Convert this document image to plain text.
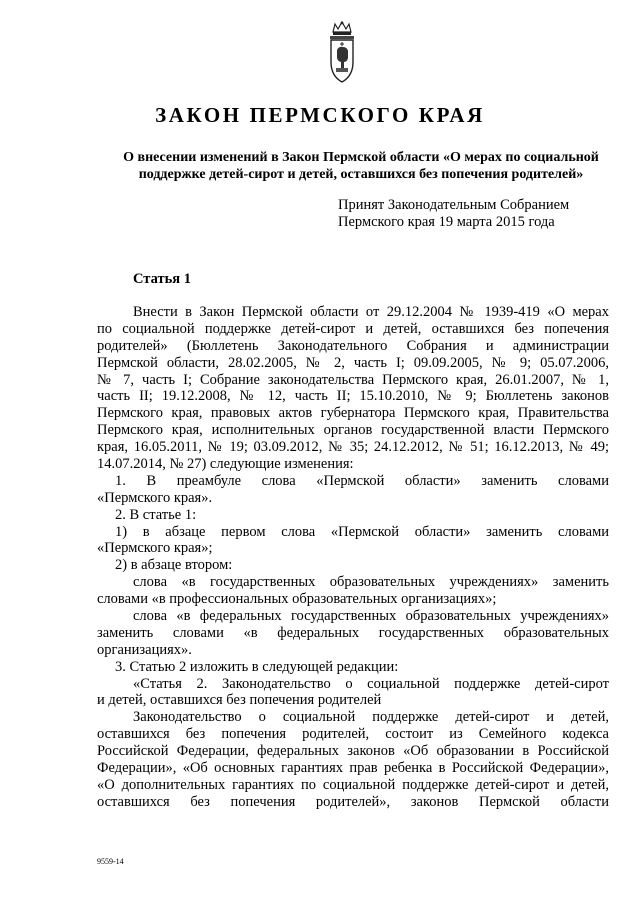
ЗАКОН ПЕРМСКОГО КРАЯ
О внесении изменений в Закон Пермской области «О мерах по социальной
поддержке детей-сирот и детей, оставшихся без попечения родителей»
Принят Законодательным Собранием
Пермского края 19 марта 2015 года
Статья 1
Внести в Закон Пермской области от 29.12.2004 № 1939-419 «О мерах
по социальной поддержке детей-сирот и детей, оставшихся без попечения
родителей» (Бюллетень Законодательного Собрания и администрации
Пермской области, 28.02.2005, № 2, часть I; 09.09.2005, № 9; 05.07.2006,
№ 7, часть I; Собрание законодательства Пермского края, 26.01.2007, № 1,
часть II; 19.12.2008, № 12, часть II; 15.10.2010, № 9; Бюллетень законов
Пермского края, правовых актов губернатора Пермского края, Правительства
Пермского края, исполнительных органов государственной власти Пермского
края, 16.05.2011, № 19; 03.09.2012, № 35; 24.12.2012, № 51; 16.12.2013, № 49;
14.07.2014, № 27) следующие изменения:
1. В преамбуле слова «Пермской области» заменить словами
«Пермского края».
2. В статье 1:
1) в абзаце первом слова «Пермской области» заменить словами
«Пермского края»;
2) в абзаце втором:
слова «в государственных образовательных учреждениях» заменить
словами «в профессиональных образовательных организациях»;
слова «в федеральных государственных образовательных учреждениях»
заменить словами «в федеральных государственных образовательных
организациях».
3. Статью 2 изложить в следующей редакции:
«Статья 2. Законодательство о социальной поддержке детей-сирот
и детей, оставшихся без попечения родителей
Законодательство о социальной поддержке детей-сирот и детей,
оставшихся без попечения родителей, состоит из Семейного кодекса
Российской Федерации, федеральных законов «Об образовании в Российской
Федерации», «Об основных гарантиях прав ребенка в Российской Федерации»,
«О дополнительных гарантиях по социальной поддержке детей-сирот и детей,
оставшихся без попечения родителей», законов Пермской области
9559-14
